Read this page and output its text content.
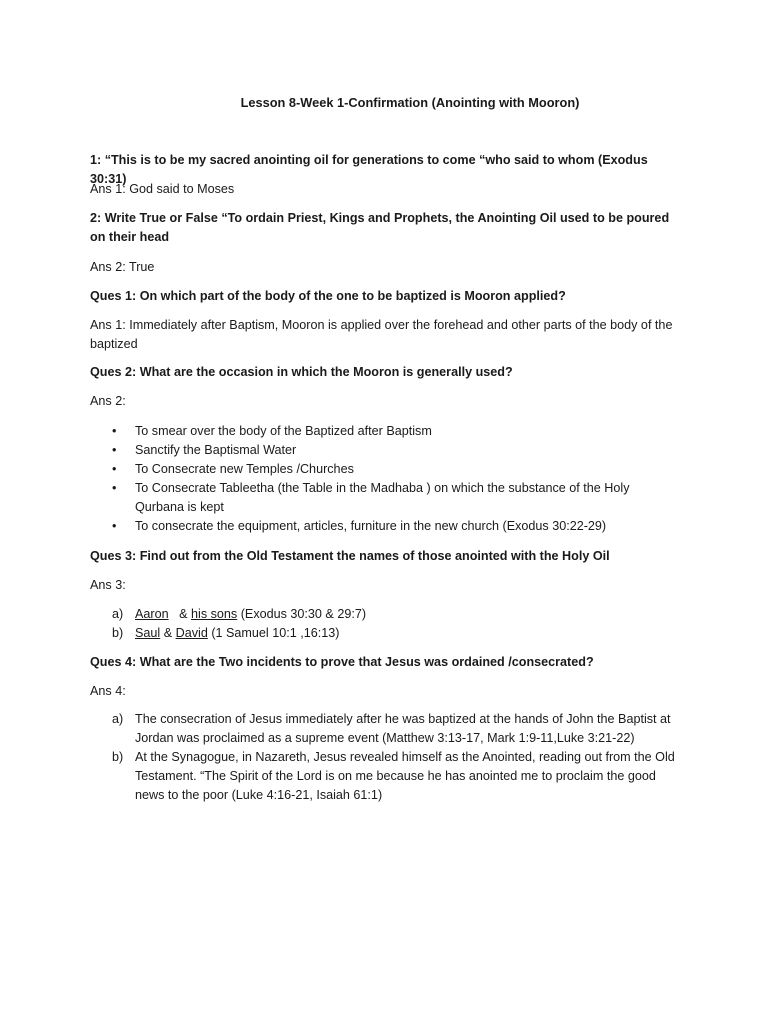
Lesson 8-Week 1-Confirmation (Anointing with Mooron)
1: “This is to be my sacred anointing oil for generations to come “who said to whom (Exodus 30:31)
Ans 1: God said to Moses
2: Write True or False “To ordain Priest, Kings and Prophets, the Anointing Oil used to be poured on their head
Ans 2: True
Ques 1: On which part of the body of the one to be baptized is Mooron applied?
Ans 1: Immediately after Baptism, Mooron is applied over the forehead and other parts of the body of the baptized
Ques 2: What are the occasion in which the Mooron is generally used?
Ans 2:
• To smear over the body of the Baptized after Baptism
• Sanctify the Baptismal Water
• To Consecrate new Temples /Churches
• To Consecrate Tableetha (the Table in the Madhaba ) on which the substance of the Holy Qurbana is kept
• To consecrate the equipment, articles, furniture in the new church (Exodus 30:22-29)
Ques 3: Find out from the Old Testament the names of those anointed with the Holy Oil
Ans 3:
a) Aaron & his sons (Exodus 30:30 & 29:7)
b) Saul & David (1 Samuel 10:1 ,16:13)
Ques 4: What are the Two incidents to prove that Jesus was ordained /consecrated?
Ans 4:
a) The consecration of Jesus immediately after he was baptized at the hands of John the Baptist at Jordan was proclaimed as a supreme event (Matthew 3:13-17, Mark 1:9-11,Luke 3:21-22)
b) At the Synagogue, in Nazareth, Jesus revealed himself as the Anointed, reading out from the Old Testament. “The Spirit of the Lord is on me because he has anointed me to proclaim the good news to the poor (Luke 4:16-21, Isaiah 61:1)
